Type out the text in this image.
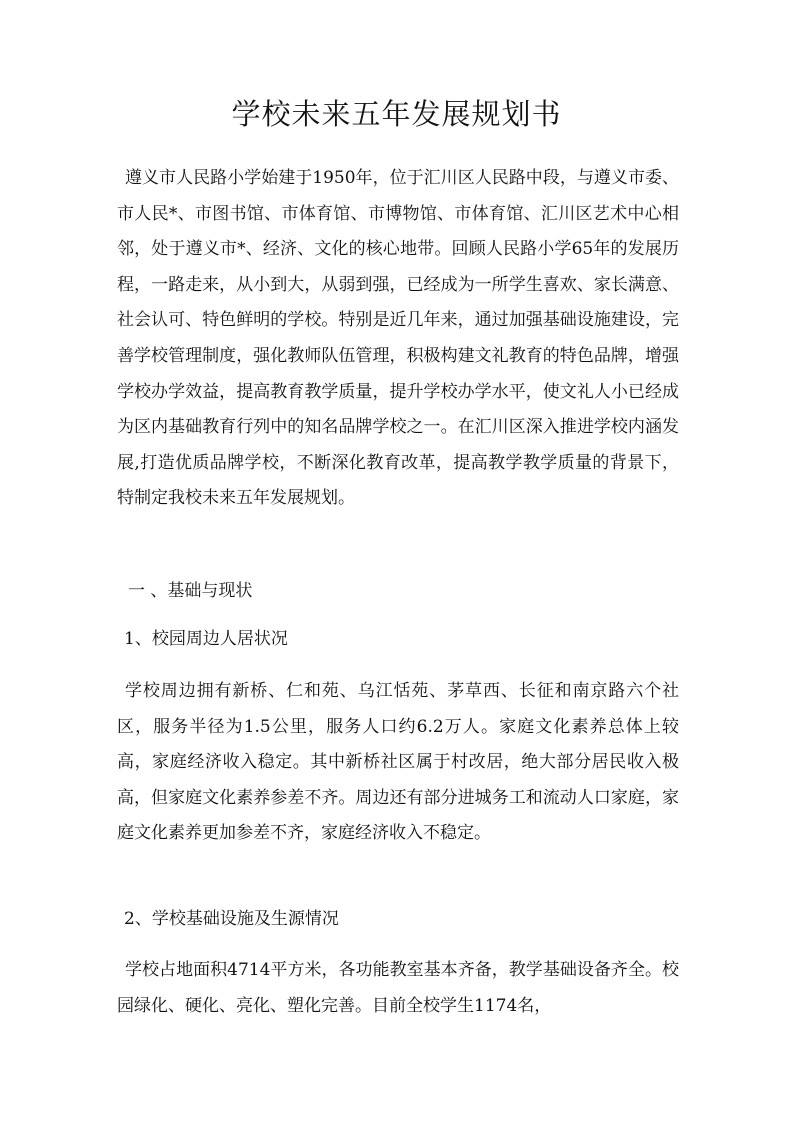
学校未来五年发展规划书

遵义市人民路小学始建于1950年，位于汇川区人民路中段，与遵义市委、市人民*、市图书馆、市体育馆、市博物馆、市体育馆、汇川区艺术中心相邻，处于遵义市*、经济、文化的核心地带。回顾人民路小学65年的发展历程，一路走来，从小到大，从弱到强，已经成为一所学生喜欢、家长满意、社会认可、特色鲜明的学校。特别是近几年来，通过加强基础设施建设，完善学校管理制度，强化教师队伍管理，积极构建文礼教育的特色品牌，增强学校办学效益，提高教育教学质量，提升学校办学水平，使文礼人小已经成为区内基础教育行列中的知名品牌学校之一。在汇川区深入推进学校内涵发展,打造优质品牌学校，不断深化教育改革，提高教学教学质量的背景下，特制定我校未来五年发展规划。

一 、基础与现状

1、校园周边人居状况

学校周边拥有新桥、仁和苑、乌江恬苑、茅草西、长征和南京路六个社区，服务半径为1.5公里，服务人口约6.2万人。家庭文化素养总体上较高，家庭经济收入稳定。其中新桥社区属于村改居，绝大部分居民收入极高，但家庭文化素养参差不齐。周边还有部分进城务工和流动人口家庭，家庭文化素养更加参差不齐，家庭经济收入不稳定。

2、学校基础设施及生源情况

学校占地面积4714平方米，各功能教室基本齐备，教学基础设备齐全。校园绿化、硬化、亮化、塑化完善。目前全校学生1174名，
